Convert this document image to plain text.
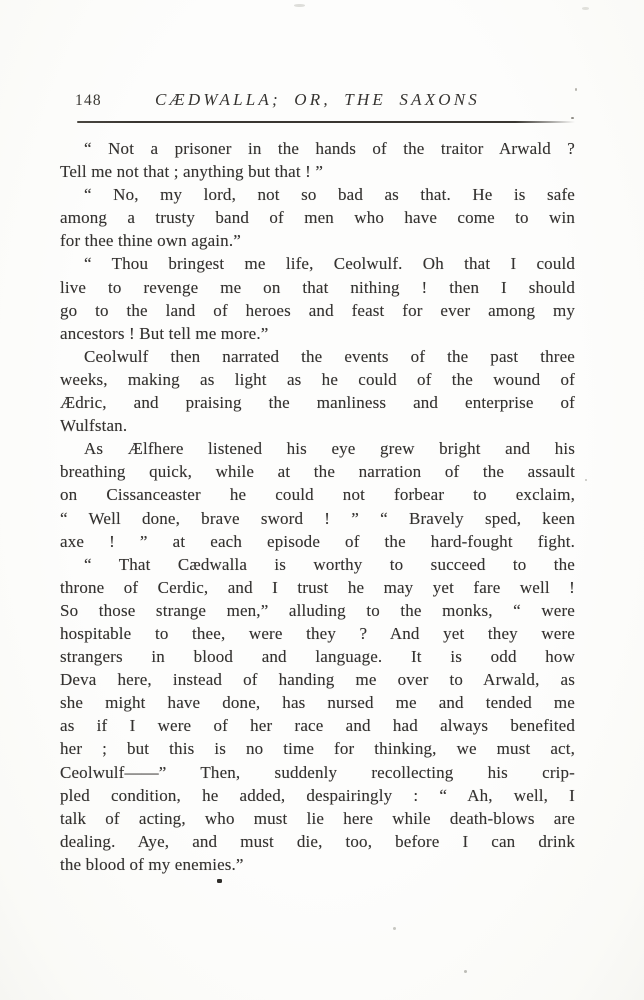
148	CÆDWALLA; OR, THE SAXONS
“ Not a prisoner in the hands of the traitor Arwald ?
Tell me not that ; anything but that ! ”
“ No, my lord, not so bad as that. He is safe
among a trusty band of men who have come to win
for thee thine own again.”
“ Thou bringest me life, Ceolwulf. Oh that I could
live to revenge me on that nithing ! then I should
go to the land of heroes and feast for ever among my
ancestors ! But tell me more.”
Ceolwulf then narrated the events of the past three
weeks, making as light as he could of the wound of
Ædric, and praising the manliness and enterprise of
Wulfstan.
As Ælfhere listened his eye grew bright and his
breathing quick, while at the narration of the assault
on Cissanceaster he could not forbear to exclaim,
“ Well done, brave sword ! ” “ Bravely sped, keen
axe ! ” at each episode of the hard-fought fight.
“ That Cædwalla is worthy to succeed to the
throne of Cerdic, and I trust he may yet fare well !
So those strange men,” alluding to the monks, “ were
hospitable to thee, were they ? And yet they were
strangers in blood and language. It is odd how
Deva here, instead of handing me over to Arwald, as
she might have done, has nursed me and tended me
as if I were of her race and had always benefited
her ; but this is no time for thinking, we must act,
Ceolwulf——” Then, suddenly recollecting his crip-
pled condition, he added, despairingly : “ Ah, well, I
talk of acting, who must lie here while death-blows are
dealing. Aye, and must die, too, before I can drink
the blood of my enemies.”
